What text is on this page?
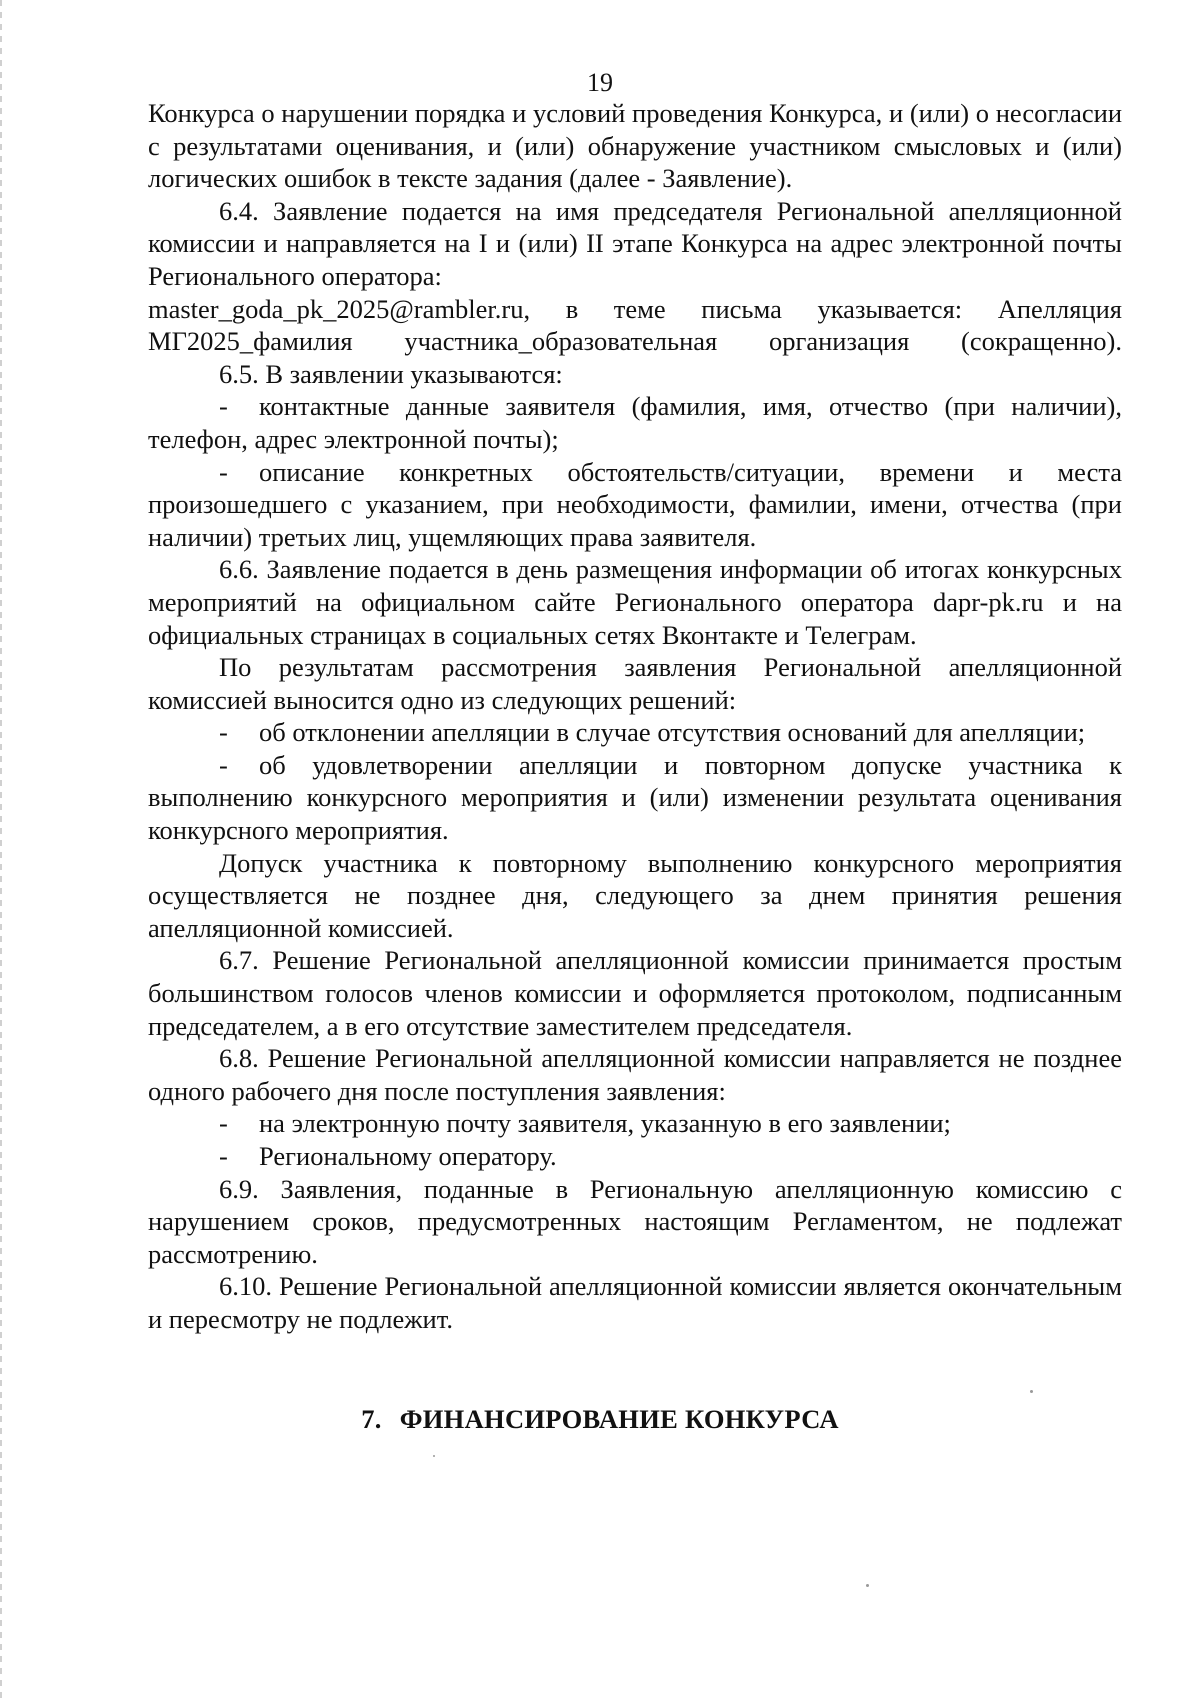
19

Конкурса о нарушении порядка и условий проведения Конкурса, и (или) о несогласии с результатами оценивания, и (или) обнаружение участником смысловых и (или) логических ошибок в тексте задания (далее - Заявление).

6.4. Заявление подается на имя председателя Региональной апелляционной комиссии и направляется на I и (или) II этапе Конкурса на адрес электронной почты Регионального оператора:

master_goda_pk_2025@rambler.ru, в теме письма указывается: Апелляция МГ2025_фамилия участника_образовательная организация (сокращенно).

6.5. В заявлении указываются:

- контактные данные заявителя (фамилия, имя, отчество (при наличии), телефон, адрес электронной почты);

- описание конкретных обстоятельств/ситуации, времени и места произошедшего с указанием, при необходимости, фамилии, имени, отчества (при наличии) третьих лиц, ущемляющих права заявителя.

6.6. Заявление подается в день размещения информации об итогах конкурсных мероприятий на официальном сайте Регионального оператора dapr-pk.ru и на официальных страницах в социальных сетях Вконтакте и Телеграм.

По результатам рассмотрения заявления Региональной апелляционной комиссией выносится одно из следующих решений:

- об отклонении апелляции в случае отсутствия оснований для апелляции;

- об удовлетворении апелляции и повторном допуске участника к выполнению конкурсного мероприятия и (или) изменении результата оценивания конкурсного мероприятия.

Допуск участника к повторному выполнению конкурсного мероприятия осуществляется не позднее дня, следующего за днем принятия решения апелляционной комиссией.

6.7. Решение Региональной апелляционной комиссии принимается простым большинством голосов членов комиссии и оформляется протоколом, подписанным председателем, а в его отсутствие заместителем председателя.

6.8. Решение Региональной апелляционной комиссии направляется не позднее одного рабочего дня после поступления заявления:

- на электронную почту заявителя, указанную в его заявлении;

- Региональному оператору.

6.9. Заявления, поданные в Региональную апелляционную комиссию с нарушением сроков, предусмотренных настоящим Регламентом, не подлежат рассмотрению.

6.10. Решение Региональной апелляционной комиссии является окончательным и пересмотру не подлежит.

7. ФИНАНСИРОВАНИЕ КОНКУРСА
